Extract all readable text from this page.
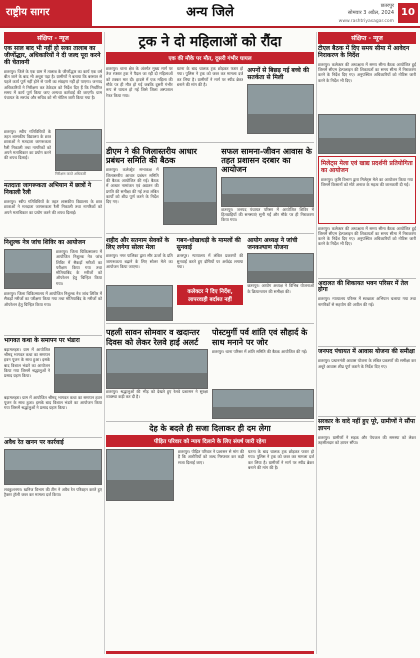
राष्ट्रीय सागर	अन्य जिले	छतरपुर
सोमवार 3 अप्रैल, 2024
www.rashtriyasagar.com
10
संक्षिप्त - न्यूज
एक साल बाद भी नहीं हो सका तालाब का जीर्णोद्धार, अधिकारियों ने दी जल्द पूरा करने की चेतावनी
छतरपुर। जिले के एक ग्राम में तालाब के जीर्णोद्धार का कार्य एक वर्ष बीत जाने के बाद भी अधूरा पड़ा है। ग्रामीणों ने बताया कि बरसात से पहले कार्य पूर्ण नहीं होने से पानी का संग्रहण नहीं हो पाएगा। जनपद अधिकारियों ने निरीक्षण कर ठेकेदार को निर्देश दिए हैं कि निर्धारित समय में कार्य पूर्ण किया जाए अन्यथा कार्रवाई की जाएगी। ग्राम पंचायत के सरपंच और सचिव को भी नोटिस जारी किया गया है।
छतरपुर। स्वीप गतिविधियों के तहत शासकीय विद्यालय के छात्र छात्राओं ने मतदाता जागरूकता रैली निकाली तथा नागरिकों को अपने मताधिकार का प्रयोग करने की शपथ दिलाई।
निरीक्षण करते अधिकारी
मतदाता जागरूकता अभियान में छात्रों ने निकाली रैली
छतरपुर। स्वीप गतिविधियों के तहत शासकीय विद्यालय के छात्र छात्राओं ने मतदाता जागरूकता रैली निकाली तथा नागरिकों को अपने मताधिकार का प्रयोग करने की शपथ दिलाई।
निशुल्क नेत्र जांच शिविर का आयोजन
छतरपुर। जिला चिकित्सालय में आयोजित निशुल्क नेत्र जांच शिविर में सैकड़ों मरीजों का परीक्षण किया गया तथा मोतियाबिंद के मरीजों को ऑपरेशन हेतु चिन्हित किया गया।
छतरपुर। जिला चिकित्सालय में आयोजित निशुल्क नेत्र जांच शिविर में सैकड़ों मरीजों का परीक्षण किया गया तथा मोतियाबिंद के मरीजों को ऑपरेशन हेतु चिन्हित किया गया।
भागवत कथा के समापन पर भंडारा
बड़ामलहरा। ग्राम में आयोजित श्रीमद् भागवत कथा का समापन हवन पूजन के साथ हुआ। इसके बाद विशाल भंडारे का आयोजन किया गया जिसमें श्रद्धालुओं ने प्रसाद ग्रहण किया।
बड़ामलहरा। ग्राम में आयोजित श्रीमद् भागवत कथा का समापन हवन पूजन के साथ हुआ। इसके बाद विशाल भंडारे का आयोजन किया गया जिसमें श्रद्धालुओं ने प्रसाद ग्रहण किया।
अवैध रेत खनन पर कार्रवाई
लवकुशनगर। खनिज विभाग की टीम ने अवैध रेत परिवहन करते हुए ट्रैक्टर ट्रॉली जब्त कर मामला दर्ज किया।
ट्रक ने दो महिलाओं को रौंदा
एक की मौके पर मौत, दूसरी गंभीर घायल
छतरपुर। थाना क्षेत्र के अंतर्गत मुख्य मार्ग पर तेज रफ्तार ट्रक ने पैदल जा रही दो महिलाओं को टक्कर मार दी। हादसे में एक महिला की मौके पर ही मौत हो गई जबकि दूसरी गंभीर रूप से घायल हो गई जिसे जिला अस्पताल रेफर किया गया।
घटना के बाद चालक ट्रक छोड़कर फरार हो गया। पुलिस ने ट्रक को जब्त कर मामला दर्ज कर लिया है। ग्रामीणों ने मार्ग पर स्पीड ब्रेकर बनाने की मांग की है।
अपनों से बिछड़ गई बच्चे की सतर्कता से मिली
डीएम ने की जिलास्तरीय आधार प्रबंधन समिति की बैठक
छतरपुर। कलेक्ट्रेट सभाकक्ष में जिलास्तरीय आधार प्रबंधन समिति की बैठक आयोजित की गई। बैठक में आधार नामांकन एवं अद्यतन की प्रगति की समीक्षा की गई तथा लंबित कार्यों को शीघ्र पूर्ण करने के निर्देश दिए गए।
सफल सामना-जीवन आवास के तहत प्रशासन दरबार का आयोजन
छतरपुर। जनपद पंचायत परिसर में आयोजित शिविर में हितग्राहियों की समस्याएं सुनी गईं और मौके पर ही निराकरण किया गया।
शहीद और सतनाम सेवकों के लिए लगेगा सोलर मेला
छतरपुर। नगर पालिका द्वारा सौर ऊर्जा के प्रति जागरूकता बढ़ाने के लिए सोलर मेले का आयोजन किया जाएगा।
गबन-धोखाधड़ी के मामलों की सुनवाई
छतरपुर। न्यायालय में लंबित प्रकरणों की सुनवाई करते हुए दोषियों पर अर्थदंड लगाया गया।
कलेक्टर ने दिए निर्देश, लापरवाही बर्दाश्त नहीं
आयोग अध्यक्ष ने जांची जनकल्याण योजना
छतरपुर। आयोग अध्यक्ष ने विभिन्न योजनाओं के क्रियान्वयन की समीक्षा की।
पहली सावन सोमवार व खदान्तर दिवस को लेकर रेलवे हाई अलर्ट
छतरपुर। श्रद्धालुओं की भीड़ को देखते हुए रेलवे प्रशासन ने सुरक्षा व्यवस्था कड़ी कर दी है।
पोस्टमुर्गी पर्व शांति एवं सौहार्द के साथ मनाने पर जोर
छतरपुर। थाना परिसर में शांति समिति की बैठक आयोजित की गई।
देह के बदले ही सजा दिलाकर ही दम लेगा
पीड़ित परिवार को न्याय दिलाने के लिए संघर्ष जारी रहेगा
छतरपुर। पीड़ित परिवार ने प्रशासन से मांग की है कि आरोपियों को जल्द गिरफ्तार कर कड़ी सजा दिलाई जाए।
घटना के बाद चालक ट्रक छोड़कर फरार हो गया। पुलिस ने ट्रक को जब्त कर मामला दर्ज कर लिया है। ग्रामीणों ने मार्ग पर स्पीड ब्रेकर बनाने की मांग की है।
संक्षिप्त - न्यूज
टीएल बैठक में दिए समय सीमा में आवेदन निराकरण के निर्देश
छतरपुर। कलेक्टर की अध्यक्षता में समय सीमा बैठक आयोजित हुई जिसमें सीएम हेल्पलाइन की शिकायतों का समय सीमा में निराकरण करने के निर्देश दिए गए। अनुपस्थित अधिकारियों को नोटिस जारी करने के निर्देश भी दिए।
मिलेट्स मेला एवं खाद्य प्रदर्शनी प्रतियोगिता का आयोजन
छतरपुर। कृषि विभाग द्वारा मिलेट्स मेले का आयोजन किया गया जिसमें किसानों को मोटे अनाज के महत्व की जानकारी दी गई।
छतरपुर। कलेक्टर की अध्यक्षता में समय सीमा बैठक आयोजित हुई जिसमें सीएम हेल्पलाइन की शिकायतों का समय सीमा में निराकरण करने के निर्देश दिए गए। अनुपस्थित अधिकारियों को नोटिस जारी करने के निर्देश भी दिए।
अदालत की शिकायत भवन परिसर में तेल होगा
छतरपुर। न्यायालय परिसर में स्वच्छता अभियान चलाया गया तथा नागरिकों से सहयोग की अपील की गई।
जनपद पंचायत में आवास योजना की समीक्षा
छतरपुर। प्रधानमंत्री आवास योजना के लंबित प्रकरणों की समीक्षा कर अधूरे आवास शीघ्र पूर्ण कराने के निर्देश दिए गए।
सरकार के वादे नहीं हुए पूरे, ग्रामीणों ने सौंपा ज्ञापन
छतरपुर। ग्रामीणों ने सड़क और पेयजल की समस्या को लेकर तहसीलदार को ज्ञापन सौंपा।
